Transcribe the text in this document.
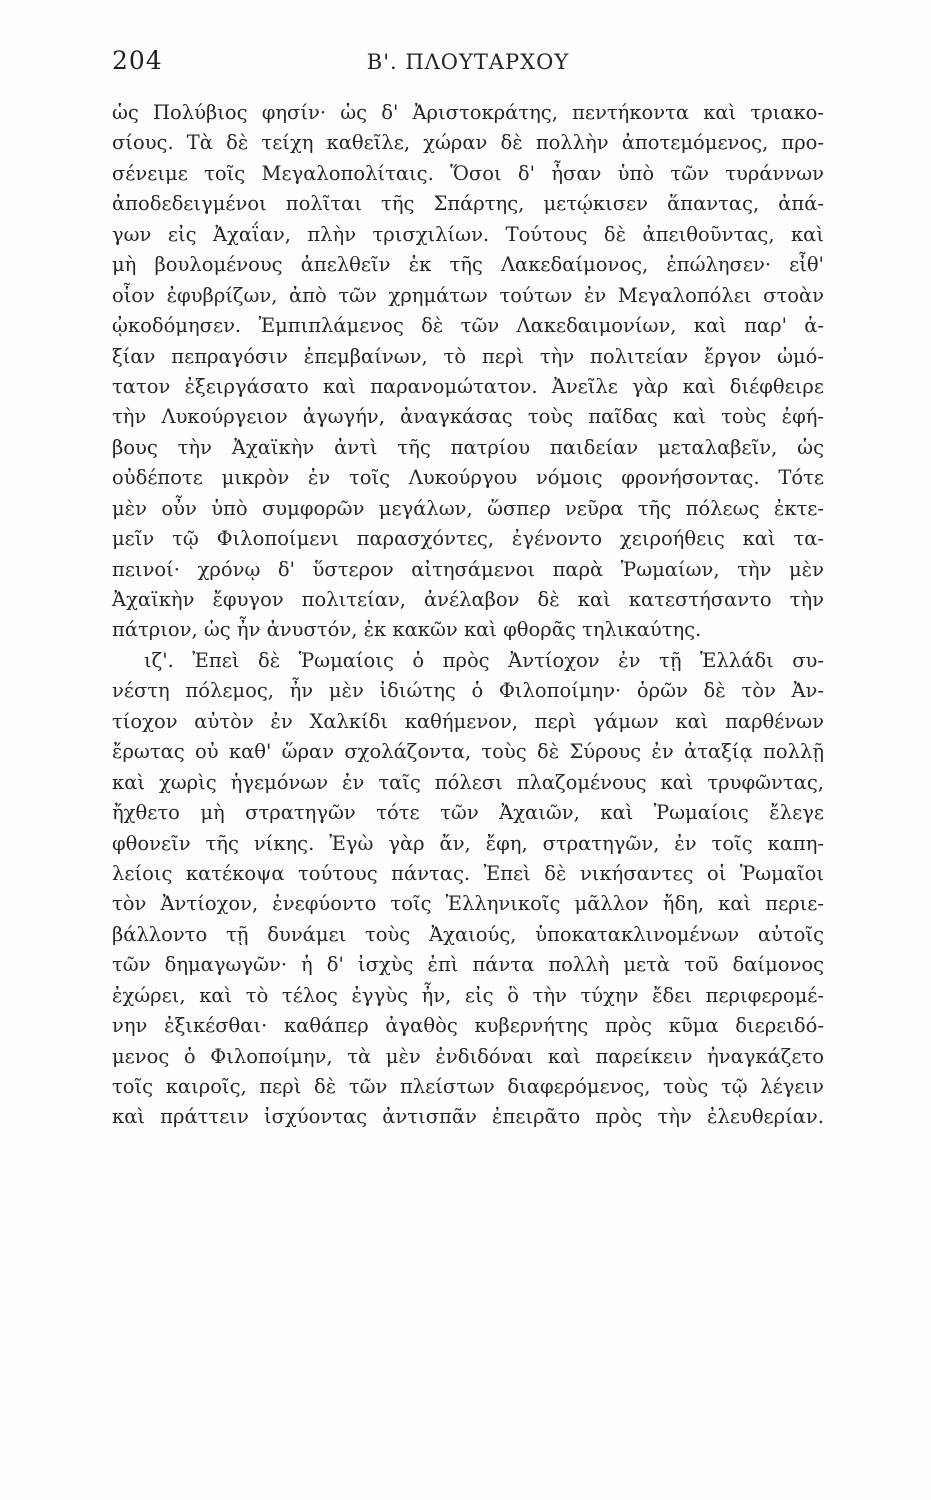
204	Β'. ΠΛΟΥΤΑΡΧΟΥ
ὡς Πολύβιος φησίν· ὡς δ' Ἀριστοκράτης, πεντήκοντα καὶ τριακο-
σίους. Τὰ δὲ τείχη καθεῖλε, χώραν δὲ πολλὴν ἀποτεμόμενος, προ-
σένειμε τοῖς Μεγαλοπολίταις. Ὅσοι δ' ἦσαν ὑπὸ τῶν τυράννων
ἀποδεδειγμένοι πολῖται τῆς Σπάρτης, μετῴκισεν ἅπαντας, ἀπά-
γων εἰς Ἀχαΐαν, πλὴν τρισχιλίων. Τούτους δὲ ἀπειθοῦντας, καὶ
μὴ βουλομένους ἀπελθεῖν ἐκ τῆς Λακεδαίμονος, ἐπώλησεν· εἶθ'
οἷον ἐφυβρίζων, ἀπὸ τῶν χρημάτων τούτων ἐν Μεγαλοπόλει στοὰν
ᾠκοδόμησεν. Ἐμπιπλάμενος δὲ τῶν Λακεδαιμονίων, καὶ παρ' ἀ-
ξίαν πεπραγόσιν ἐπεμβαίνων, τὸ περὶ τὴν πολιτείαν ἔργον ὠμό-
τατον ἐξειργάσατο καὶ παρανομώτατον. Ἀνεῖλε γὰρ καὶ διέφθειρε
τὴν Λυκούργειον ἀγωγήν, ἀναγκάσας τοὺς παῖδας καὶ τοὺς ἐφή-
βους τὴν Ἀχαϊκὴν ἀντὶ τῆς πατρίου παιδείαν μεταλαβεῖν, ὡς
οὐδέποτε μικρὸν ἐν τοῖς Λυκούργου νόμοις φρονήσοντας. Τότε
μὲν οὖν ὑπὸ συμφορῶν μεγάλων, ὥσπερ νεῦρα τῆς πόλεως ἐκτε-
μεῖν τῷ Φιλοποίμενι παρασχόντες, ἐγένοντο χειροήθεις καὶ τα-
πεινοί· χρόνῳ δ' ὕστερον αἰτησάμενοι παρὰ Ῥωμαίων, τὴν μὲν
Ἀχαϊκὴν ἔφυγον πολιτείαν, ἀνέλαβον δὲ καὶ κατεστήσαντο τὴν
πάτριον, ὡς ἦν ἀνυστόν, ἐκ κακῶν καὶ φθορᾶς τηλικαύτης.
ιζ'. Ἐπεὶ δὲ Ῥωμαίοις ὁ πρὸς Ἀντίοχον ἐν τῇ Ἑλλάδι συ-
νέστη πόλεμος, ἦν μὲν ἰδιώτης ὁ Φιλοποίμην· ὁρῶν δὲ τὸν Ἀν-
τίοχον αὐτὸν ἐν Χαλκίδι καθήμενον, περὶ γάμων καὶ παρθένων
ἔρωτας οὐ καθ' ὥραν σχολάζοντα, τοὺς δὲ Σύρους ἐν ἀταξίᾳ πολλῇ
καὶ χωρὶς ἡγεμόνων ἐν ταῖς πόλεσι πλαζομένους καὶ τρυφῶντας,
ἤχθετο μὴ στρατηγῶν τότε τῶν Ἀχαιῶν, καὶ Ῥωμαίοις ἔλεγε
φθονεῖν τῆς νίκης. Ἐγὼ γὰρ ἄν, ἔφη, στρατηγῶν, ἐν τοῖς καπη-
λείοις κατέκοψα τούτους πάντας. Ἐπεὶ δὲ νικήσαντες οἱ Ῥωμαῖοι
τὸν Ἀντίοχον, ἐνεφύοντο τοῖς Ἑλληνικοῖς μᾶλλον ἤδη, καὶ περιε-
βάλλοντο τῇ δυνάμει τοὺς Ἀχαιούς, ὑποκατακλινομένων αὐτοῖς
τῶν δημαγωγῶν· ἡ δ' ἰσχὺς ἐπὶ πάντα πολλὴ μετὰ τοῦ δαίμονος
ἐχώρει, καὶ τὸ τέλος ἐγγὺς ἦν, εἰς ὃ τὴν τύχην ἔδει περιφερομέ-
νην ἐξικέσθαι· καθάπερ ἀγαθὸς κυβερνήτης πρὸς κῦμα διερειδό-
μενος ὁ Φιλοποίμην, τὰ μὲν ἐνδιδόναι καὶ παρείκειν ἠναγκάζετο
τοῖς καιροῖς, περὶ δὲ τῶν πλείστων διαφερόμενος, τοὺς τῷ λέγειν
καὶ πράττειν ἰσχύοντας ἀντισπᾶν ἐπειρᾶτο πρὸς τὴν ἐλευθερίαν.
